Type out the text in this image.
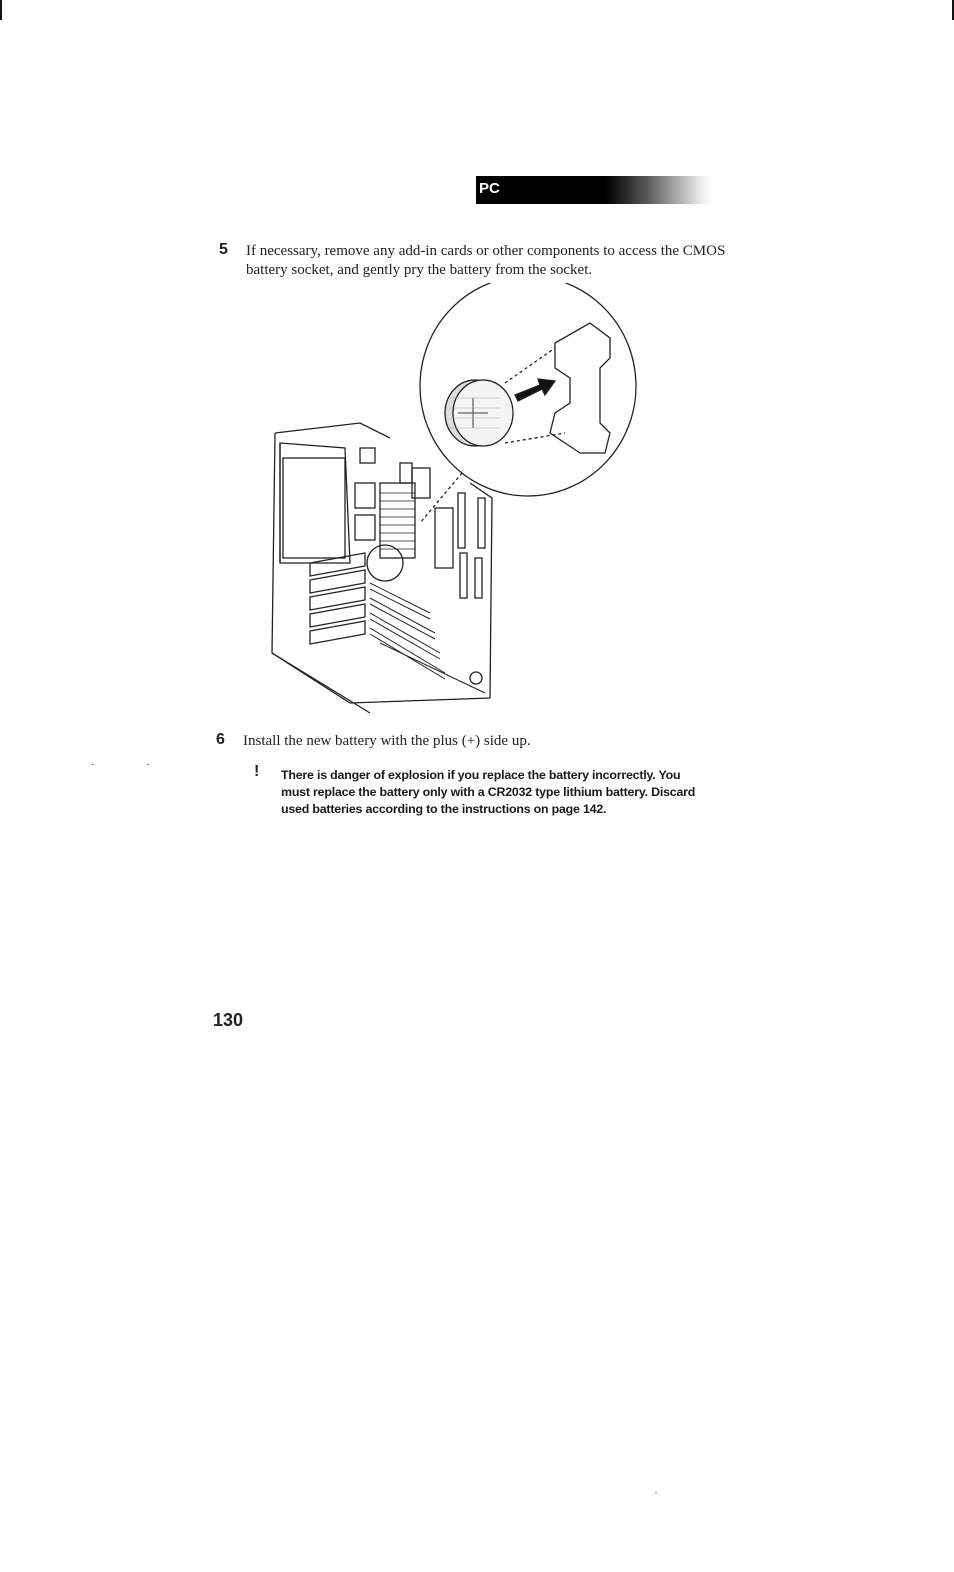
PC
5 If necessary, remove any add-in cards or other components to access the CMOS battery socket, and gently pry the battery from the socket.
6 Install the new battery with the plus (+) side up.
! There is danger of explosion if you replace the battery incorrectly. You must replace the battery only with a CR2032 type lithium battery. Discard used batteries according to the instructions on page 142.
130
